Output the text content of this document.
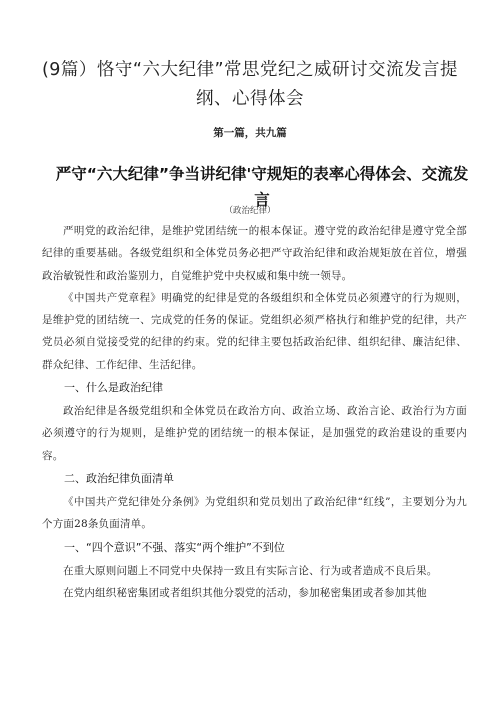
(9篇）恪守“六大纪律”常思党纪之威研讨交流发言提纲、心得体会
第一篇，共九篇
严守“六大纪律”争当讲纪律'守规矩的表率心得体会、交流发言
（政治纪律）

严明党的政治纪律，是维护党团结统一的根本保证。遵守党的政治纪律是遵守党全部纪律的重要基础。各级党组织和全体党员务必把严守政治纪律和政治规矩放在首位，增强政治敏锐性和政治鉴别力，自觉维护党中央权威和集中统一领导。

《中国共产党章程》明确党的纪律是党的各级组织和全体党员必须遵守的行为规则，是维护党的团结统一、完成党的任务的保证。党组织必须严格执行和维护党的纪律，共产党员必须自觉接受党的纪律的约束。党的纪律主要包括政治纪律、组织纪律、廉洁纪律、群众纪律、工作纪律、生活纪律。

一、什么是政治纪律

政治纪律是各级党组织和全体党员在政治方向、政治立场、政治言论、政治行为方面必须遵守的行为规则，是维护党的团结统一的根本保证，是加强党的政治建设的重要内容。

二、政治纪律负面清单

《中国共产党纪律处分条例》为党组织和党员划出了政治纪律“红线”，主要划分为九个方面28条负面清单。

一、“四个意识”不强、落实“两个维护”不到位

在重大原则问题上不同党中央保持一致且有实际言论、行为或者造成不良后果。

在党内组织秘密集团或者组织其他分裂党的活动，参加秘密集团或者参加其他
